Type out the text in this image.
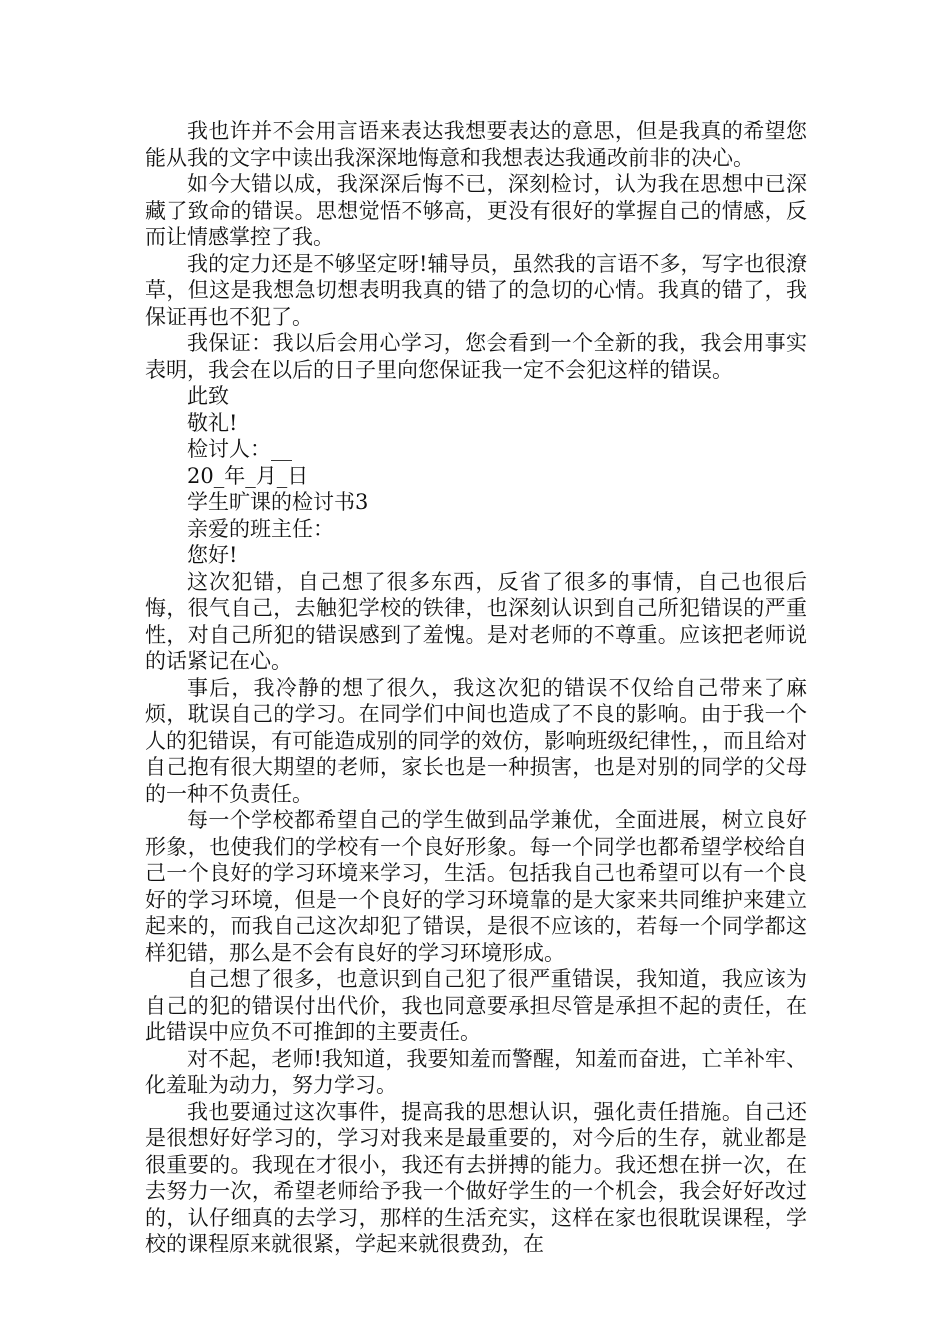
我也许并不会用言语来表达我想要表达的意思，但是我真的希望您能从我的文字中读出我深深地悔意和我想表达我通改前非的决心。

如今大错以成，我深深后悔不已，深刻检讨，认为我在思想中已深藏了致命的错误。思想觉悟不够高，更没有很好的掌握自己的情感，反而让情感掌控了我。

我的定力还是不够坚定呀!辅导员，虽然我的言语不多，写字也很潦草，但这是我想急切想表明我真的错了的急切的心情。我真的错了，我保证再也不犯了。

我保证：我以后会用心学习，您会看到一个全新的我，我会用事实表明，我会在以后的日子里向您保证我一定不会犯这样的错误。

此致

敬礼!

检讨人：__

20_年_月_日

学生旷课的检讨书3

亲爱的班主任：

您好!

这次犯错，自己想了很多东西，反省了很多的事情，自己也很后悔，很气自己，去触犯学校的铁律，也深刻认识到自己所犯错误的严重性，对自己所犯的错误感到了羞愧。是对老师的不尊重。应该把老师说的话紧记在心。

事后，我冷静的想了很久，我这次犯的错误不仅给自己带来了麻烦，耽误自己的学习。在同学们中间也造成了不良的影响。由于我一个人的犯错误，有可能造成别的同学的效仿，影响班级纪律性，，而且给对自己抱有很大期望的老师，家长也是一种损害，也是对别的同学的父母的一种不负责任。

每一个学校都希望自己的学生做到品学兼优，全面进展，树立良好形象，也使我们的学校有一个良好形象。每一个同学也都希望学校给自己一个良好的学习环境来学习，生活。包括我自己也希望可以有一个良好的学习环境，但是一个良好的学习环境靠的是大家来共同维护来建立起来的，而我自己这次却犯了错误，是很不应该的，若每一个同学都这样犯错，那么是不会有良好的学习环境形成。

自己想了很多，也意识到自己犯了很严重错误，我知道，我应该为自己的犯的错误付出代价，我也同意要承担尽管是承担不起的责任，在此错误中应负不可推卸的主要责任。

对不起，老师!我知道，我要知羞而警醒，知羞而奋进，亡羊补牢、化羞耻为动力，努力学习。

我也要通过这次事件，提高我的思想认识，强化责任措施。自己还是很想好好学习的，学习对我来是最重要的，对今后的生存，就业都是很重要的。我现在才很小，我还有去拼搏的能力。我还想在拼一次，在去努力一次，希望老师给予我一个做好学生的一个机会，我会好好改过的，认仔细真的去学习，那样的生活充实，这样在家也很耽误课程，学校的课程原来就很紧，学起来就很费劲，在
